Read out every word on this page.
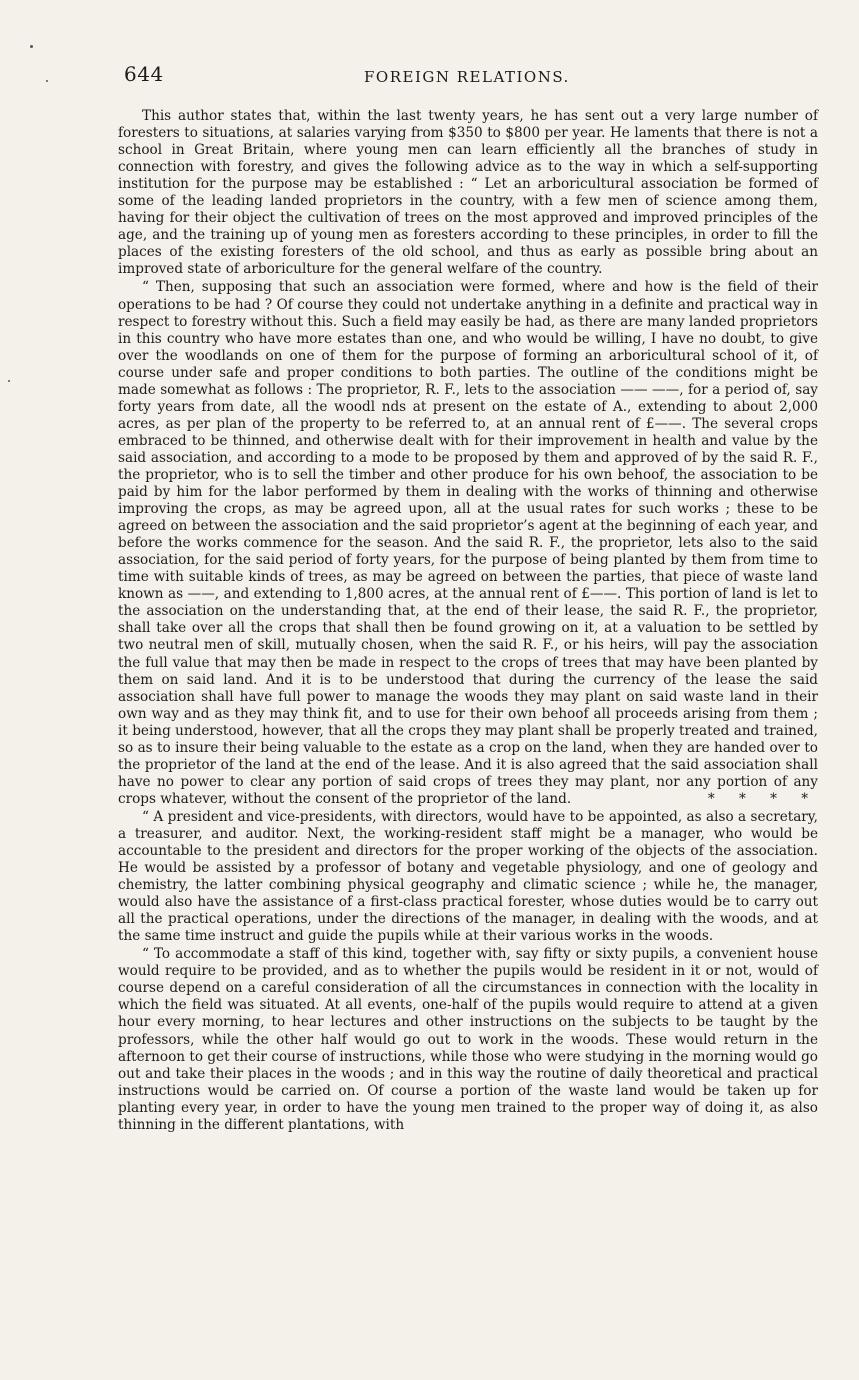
644	FOREIGN RELATIONS.

This author states that, within the last twenty years, he has sent out a very large number of foresters to situations, at salaries varying from $350 to $800 per year. He laments that there is not a school in Great Britain, where young men can learn efficiently all the branches of study in connection with forestry, and gives the following advice as to the way in which a self-supporting institution for the purpose may be established : “ Let an arboricultural association be formed of some of the leading landed proprietors in the country, with a few men of science among them, having for their object the cultivation of trees on the most approved and improved principles of the age, and the training up of young men as foresters according to these principles, in order to fill the places of the existing foresters of the old school, and thus as early as possible bring about an improved state of arboriculture for the general welfare of the country.

“ Then, supposing that such an association were formed, where and how is the field of their operations to be had ? Of course they could not undertake anything in a definite and practical way in respect to forestry without this. Such a field may easily be had, as there are many landed proprietors in this country who have more estates than one, and who would be willing, I have no doubt, to give over the woodlands on one of them for the purpose of forming an arboricultural school of it, of course under safe and proper conditions to both parties. The outline of the conditions might be made somewhat as follows : The proprietor, R. F., lets to the association —— ——, for a period of, say forty years from date, all the woodl nds at present on the estate of A., extending to about 2,000 acres, as per plan of the property to be referred to, at an annual rent of £——. The several crops embraced to be thinned, and otherwise dealt with for their improvement in health and value by the said association, and according to a mode to be proposed by them and approved of by the said R. F., the proprietor, who is to sell the timber and other produce for his own behoof, the association to be paid by him for the labor performed by them in dealing with the works of thinning and otherwise improving the crops, as may be agreed upon, all at the usual rates for such works ; these to be agreed on between the association and the said proprietor’s agent at the beginning of each year, and before the works commence for the season. And the said R. F., the proprietor, lets also to the said association, for the said period of forty years, for the purpose of being planted by them from time to time with suitable kinds of trees, as may be agreed on between the parties, that piece of waste land known as ——, and extending to 1,800 acres, at the annual rent of £——. This portion of land is let to the association on the understanding that, at the end of their lease, the said R. F., the proprietor, shall take over all the crops that shall then be found growing on it, at a valuation to be settled by two neutral men of skill, mutually chosen, when the said R. F., or his heirs, will pay the association the full value that may then be made in respect to the crops of trees that may have been planted by them on said land. And it is to be understood that during the currency of the lease the said association shall have full power to manage the woods they may plant on said waste land in their own way and as they may think fit, and to use for their own behoof all proceeds arising from them ; it being understood, however, that all the crops they may plant shall be properly treated and trained, so as to insure their being valuable to the estate as a crop on the land, when they are handed over to the proprietor of the land at the end of the lease. And it is also agreed that the said association shall have no power to clear any portion of said crops of trees they may plant, nor any portion of any crops whatever, without the consent of the proprietor of the land.	* * * *

“ A president and vice-presidents, with directors, would have to be appointed, as also a secretary, a treasurer, and auditor. Next, the working-resident staff might be a manager, who would be accountable to the president and directors for the proper working of the objects of the association. He would be assisted by a professor of botany and vegetable physiology, and one of geology and chemistry, the latter combining physical geography and climatic science ; while he, the manager, would also have the assistance of a first-class practical forester, whose duties would be to carry out all the practical operations, under the directions of the manager, in dealing with the woods, and at the same time instruct and guide the pupils while at their various works in the woods.

“ To accommodate a staff of this kind, together with, say fifty or sixty pupils, a convenient house would require to be provided, and as to whether the pupils would be resident in it or not, would of course depend on a careful consideration of all the circumstances in connection with the locality in which the field was situated. At all events, one-half of the pupils would require to attend at a given hour every morning, to hear lectures and other instructions on the subjects to be taught by the professors, while the other half would go out to work in the woods. These would return in the afternoon to get their course of instructions, while those who were studying in the morning would go out and take their places in the woods ; and in this way the routine of daily theoretical and practical instructions would be carried on. Of course a portion of the waste land would be taken up for planting every year, in order to have the young men trained to the proper way of doing it, as also thinning in the different plantations, with
